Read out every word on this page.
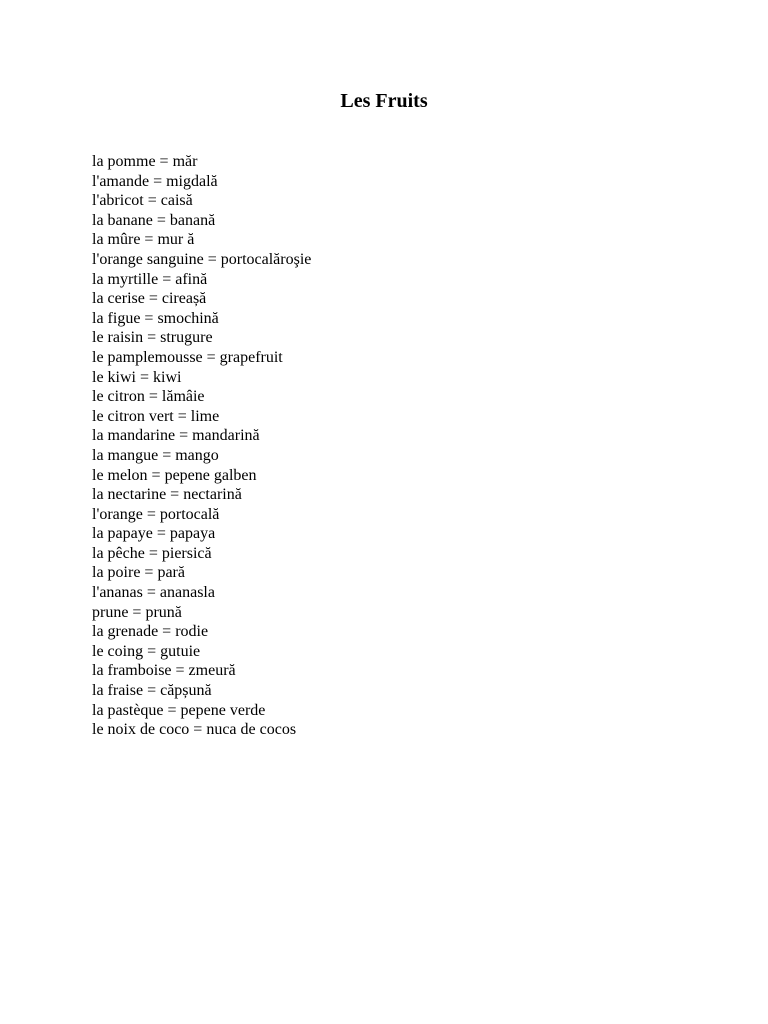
Les Fruits
la pomme = măr
l'amande = migdală
l'abricot = caisă
la banane = banană
la mûre = mur ă
l'orange sanguine = portocalăroşie
la myrtille = afină
la cerise = cireașă
la figue = smochină
le raisin = strugure
le pamplemousse = grapefruit
le kiwi = kiwi
le citron = lămâie
le citron vert = lime
la mandarine = mandarină
la mangue = mango
le melon = pepene galben
la nectarine = nectarină
l'orange = portocală
la papaye = papaya
la pêche = piersică
la poire = pară
l'ananas = ananasla
prune = prună
la grenade = rodie
le coing = gutuie
la framboise = zmeură
la fraise = căpșună
la pastèque = pepene verde
le noix de coco = nuca de cocos
